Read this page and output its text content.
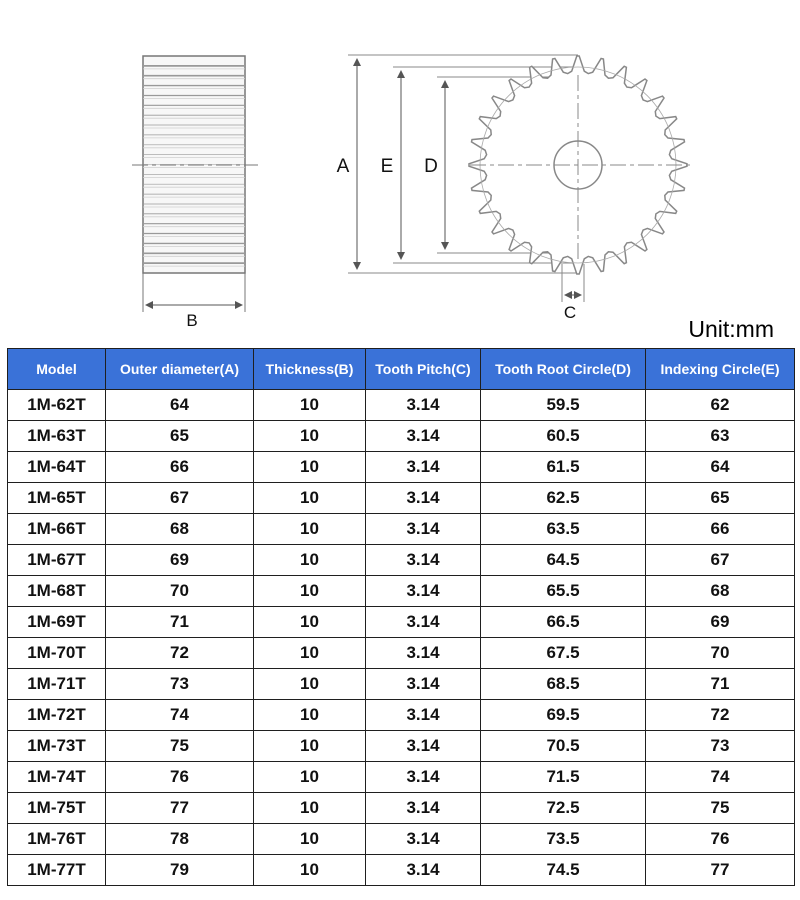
B
A E D
C
Unit:mm
Model	Outer diameter(A)	Thickness(B)	Tooth Pitch(C)	Tooth Root Circle(D)	Indexing Circle(E)
1M-62T	64	10	3.14	59.5	62
1M-63T	65	10	3.14	60.5	63
1M-64T	66	10	3.14	61.5	64
1M-65T	67	10	3.14	62.5	65
1M-66T	68	10	3.14	63.5	66
1M-67T	69	10	3.14	64.5	67
1M-68T	70	10	3.14	65.5	68
1M-69T	71	10	3.14	66.5	69
1M-70T	72	10	3.14	67.5	70
1M-71T	73	10	3.14	68.5	71
1M-72T	74	10	3.14	69.5	72
1M-73T	75	10	3.14	70.5	73
1M-74T	76	10	3.14	71.5	74
1M-75T	77	10	3.14	72.5	75
1M-76T	78	10	3.14	73.5	76
1M-77T	79	10	3.14	74.5	77
